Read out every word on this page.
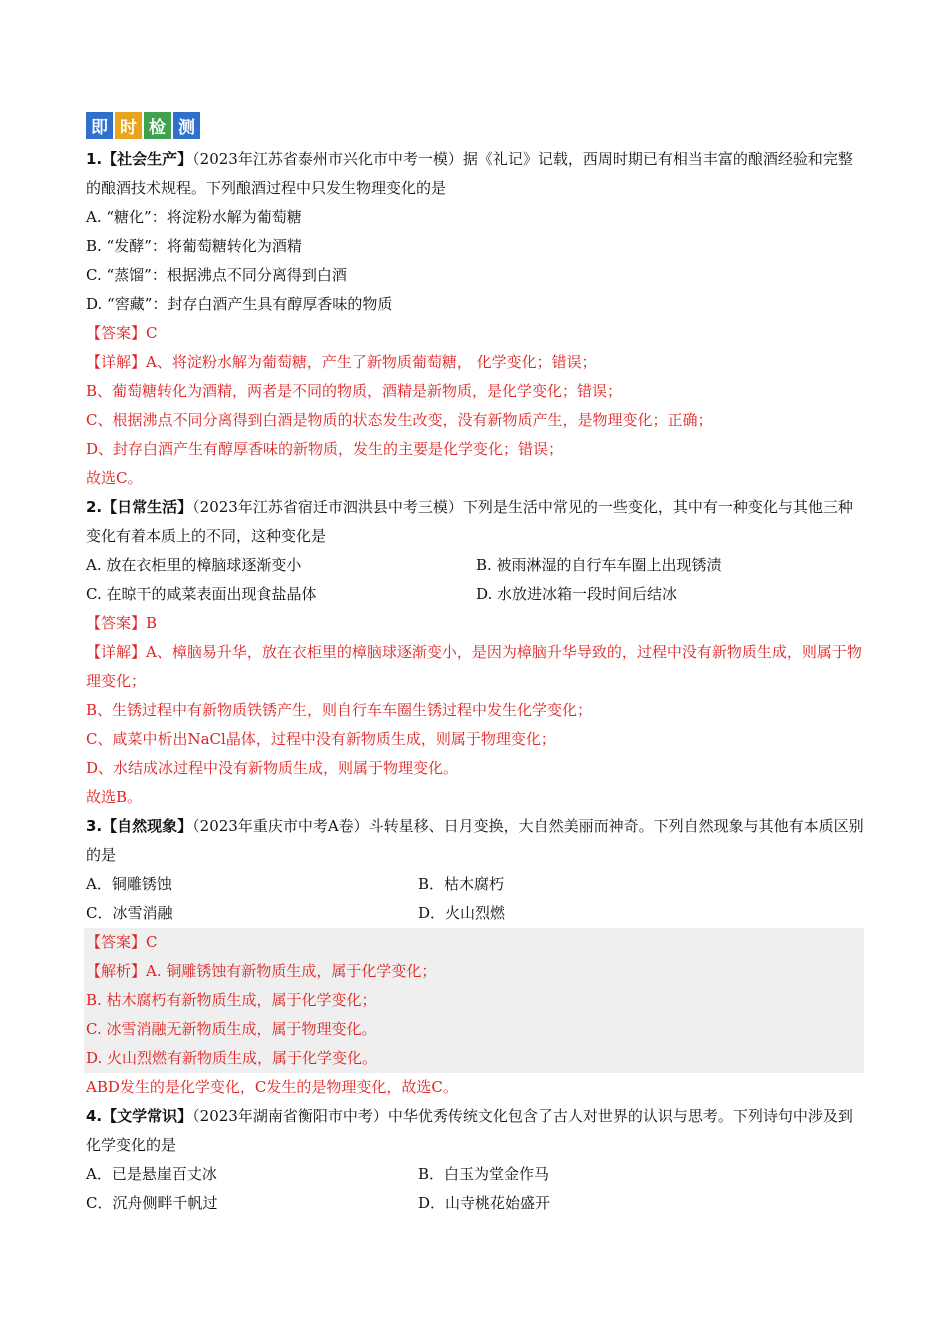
即 时 检 测
1.【社会生产】（2023年江苏省泰州市兴化市中考一模）据《礼记》记载，西周时期已有相当丰富的酿酒经验和完整的酿酒技术规程。下列酿酒过程中只发生物理变化的是
A. “糖化”：将淀粉水解为葡萄糖
B. “发酵”：将葡萄糖转化为酒精
C. “蒸馏”：根据沸点不同分离得到白酒
D. “窖藏”：封存白酒产生具有醇厚香味的物质
【答案】C
【详解】A、将淀粉水解为葡萄糖，产生了新物质葡萄糖， 化学变化；错误；
B、葡萄糖转化为酒精，两者是不同的物质，酒精是新物质，是化学变化；错误；
C、根据沸点不同分离得到白酒是物质的状态发生改变，没有新物质产生，是物理变化；正确；
D、封存白酒产生有醇厚香味的新物质，发生的主要是化学变化；错误；
故选C。
2.【日常生活】（2023年江苏省宿迁市泗洪县中考三模）下列是生活中常见的一些变化，其中有一种变化与其他三种变化有着本质上的不同，这种变化是
A. 放在衣柜里的樟脑球逐渐变小	B. 被雨淋湿的自行车车圈上出现锈渍
C. 在晾干的咸菜表面出现食盐晶体	D. 水放进冰箱一段时间后结冰
【答案】B
【详解】A、樟脑易升华，放在衣柜里的樟脑球逐渐变小，是因为樟脑升华导致的，过程中没有新物质生成，则属于物理变化；
B、生锈过程中有新物质铁锈产生，则自行车车圈生锈过程中发生化学变化；
C、咸菜中析出NaCl晶体，过程中没有新物质生成，则属于物理变化；
D、水结成冰过程中没有新物质生成，则属于物理变化。
故选B。
3.【自然现象】（2023年重庆市中考A卷）斗转星移、日月变换，大自然美丽而神奇。下列自然现象与其他有本质区别的是
A．铜雕锈蚀	B．枯木腐朽
C．冰雪消融	D．火山烈燃
【答案】C
【解析】A. 铜雕锈蚀有新物质生成，属于化学变化；
B. 枯木腐朽有新物质生成，属于化学变化；
C. 冰雪消融无新物质生成，属于物理变化。
D. 火山烈燃有新物质生成，属于化学变化。
ABD发生的是化学变化，C发生的是物理变化，故选C。
4.【文学常识】（2023年湖南省衡阳市中考）中华优秀传统文化包含了古人对世界的认识与思考。下列诗句中涉及到化学变化的是
A．已是悬崖百丈冰	B．白玉为堂金作马
C．沉舟侧畔千帆过	D．山寺桃花始盛开
